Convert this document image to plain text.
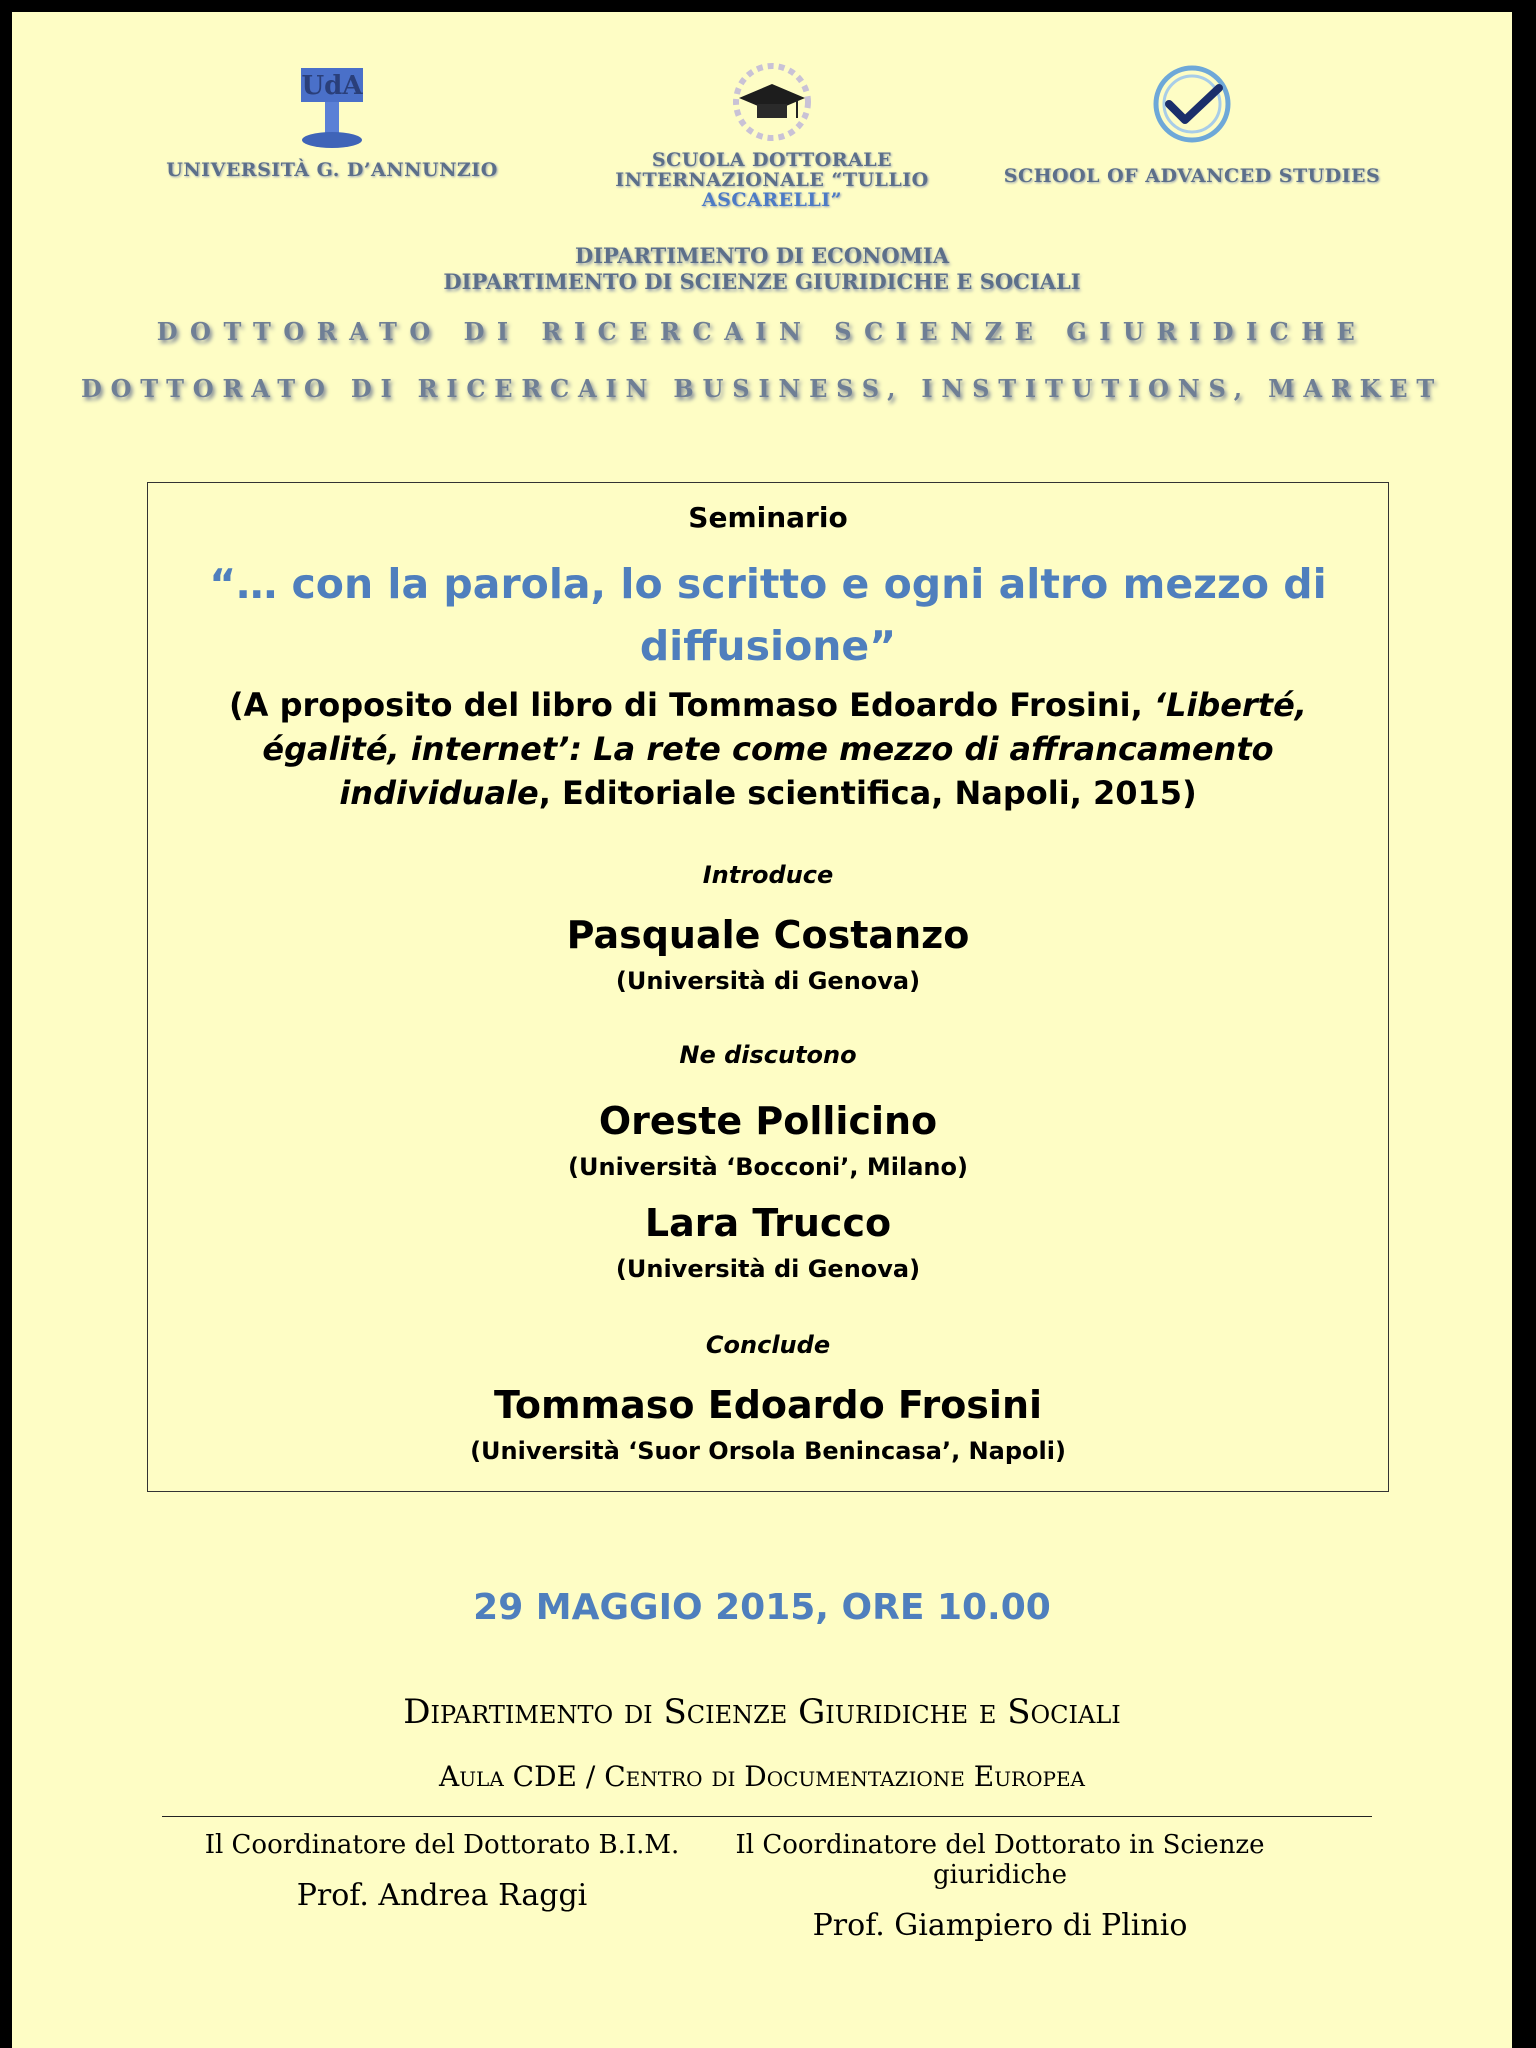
UdA
UNIVERSITÀ G. D’ANNUNZIO	SCUOLA DOTTORALE
INTERNAZIONALE “TULLIO
ASCARELLI”
SCHOOL OF ADVANCED STUDIES
DIPARTIMENTO DI ECONOMIA
DIPARTIMENTO DI SCIENZE GIURIDICHE E SOCIALI
DOTTORATO DI RICERCAIN SCIENZE GIURIDICHE
DOTTORATO DI RICERCAIN BUSINESS, INSTITUTIONS, MARKET
Seminario
“… con la parola, lo scritto e ogni altro mezzo di
diffusione”
(A proposito del libro di Tommaso Edoardo Frosini, ‘Liberté,
égalité, internet’: La rete come mezzo di affrancamento
individuale, Editoriale scientifica, Napoli, 2015)
Introduce
Pasquale Costanzo
(Università di Genova)
Ne discutono
Oreste Pollicino
(Università ‘Bocconi’, Milano)
Lara Trucco
(Università di Genova)
Conclude
Tommaso Edoardo Frosini
(Università ‘Suor Orsola Benincasa’, Napoli)
29 MAGGIO 2015, ORE 10.00
Dipartimento di Scienze Giuridiche e Sociali
Aula CDE / Centro di Documentazione Europea
Il Coordinatore del Dottorato B.I.M.
Prof. Andrea Raggi
Il Coordinatore del Dottorato in Scienze giuridiche
Prof. Giampiero di Plinio
